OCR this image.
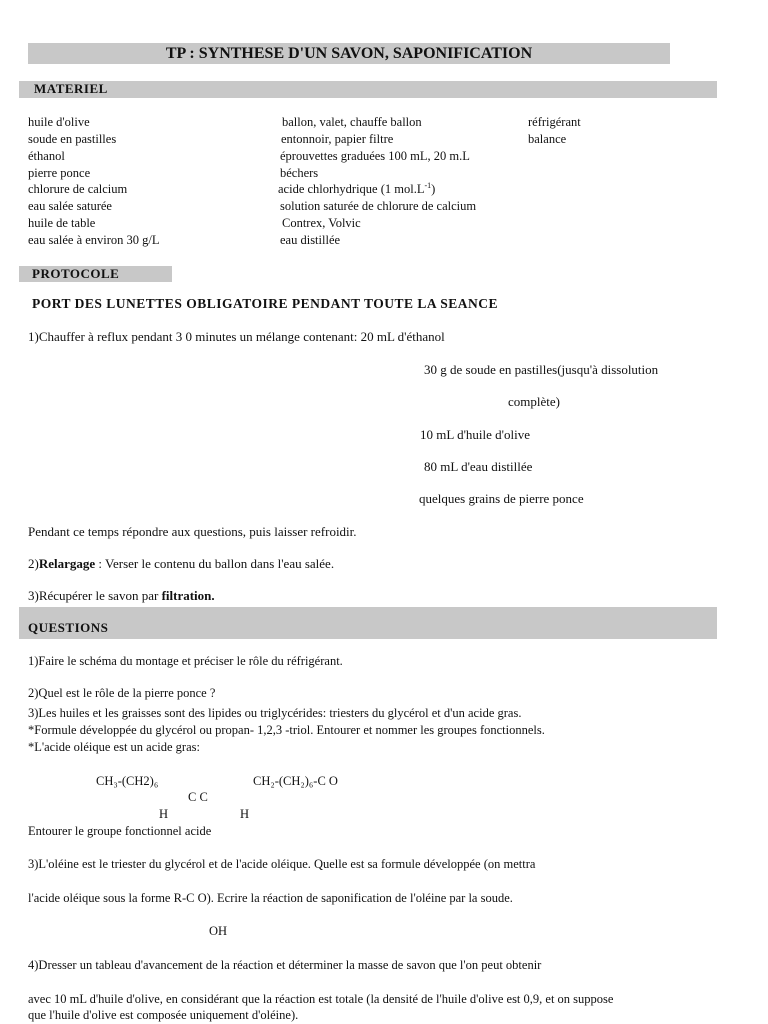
TP : SYNTHESE D'UN SAVON, SAPONIFICATION
MATERIEL
huile d'olive
soude en pastilles
éthanol
pierre ponce
chlorure de calcium
eau salée saturée
huile de table
eau salée à environ 30 g/L
ballon, valet, chauffe ballon
entonnoir, papier filtre
éprouvettes graduées 100 mL, 20 m.L
béchers
acide chlorhydrique (1 $mol.L^{-1}$)
solution saturée de chlorure de calcium
Contrex, Volvic
eau distillée
réfrigérant
balance
PROTOCOLE
PORT DES LUNETTES OBLIGATOIRE PENDANT TOUTE LA SEANCE
1)Chauffer à reflux pendant 3 0 minutes un mélange contenant: 20 mL d'éthanol
30 g de soude en pastilles(jusqu'à dissolution
complète)
10 mL d'huile d'olive
80 mL d'eau distillée
quelques grains de pierre ponce
Pendant ce temps répondre aux questions, puis laisser refroidir.
2)Relargage : Verser le contenu du ballon dans l'eau salée.
3)Récupérer le savon par filtration.
QUESTIONS
1)Faire le schéma du montage et préciser le rôle du réfrigérant.
2)Quel est le rôle de la pierre ponce ?
3)Les huiles et les graisses sont des lipides ou triglycérides: triesters du glycérol et d'un acide gras.
*Formule développée du glycérol ou propan- 1,2,3 -triol. Entourer et nommer les groupes fonctionnels.
*L'acide oléique est un acide gras:
CH₃-(CH2)₆	CH₂-(CH₂)₆-C O
C C
H	H
Entourer le groupe fonctionnel acide
3)L'oléine est le triester du glycérol et de l'acide oléique. Quelle est sa formule développée (on mettra
l'acide oléique sous la forme R-C O). Ecrire la réaction de saponification de l'oléine par la soude.
OH
4)Dresser un tableau d'avancement de la réaction et déterminer la masse de savon que l'on peut obtenir
avec 10 mL d'huile d'olive, en considérant que la réaction est totale (la densité de l'huile d'olive est 0,9, et on suppose
que l'huile d'olive est composée uniquement d'oléine).
